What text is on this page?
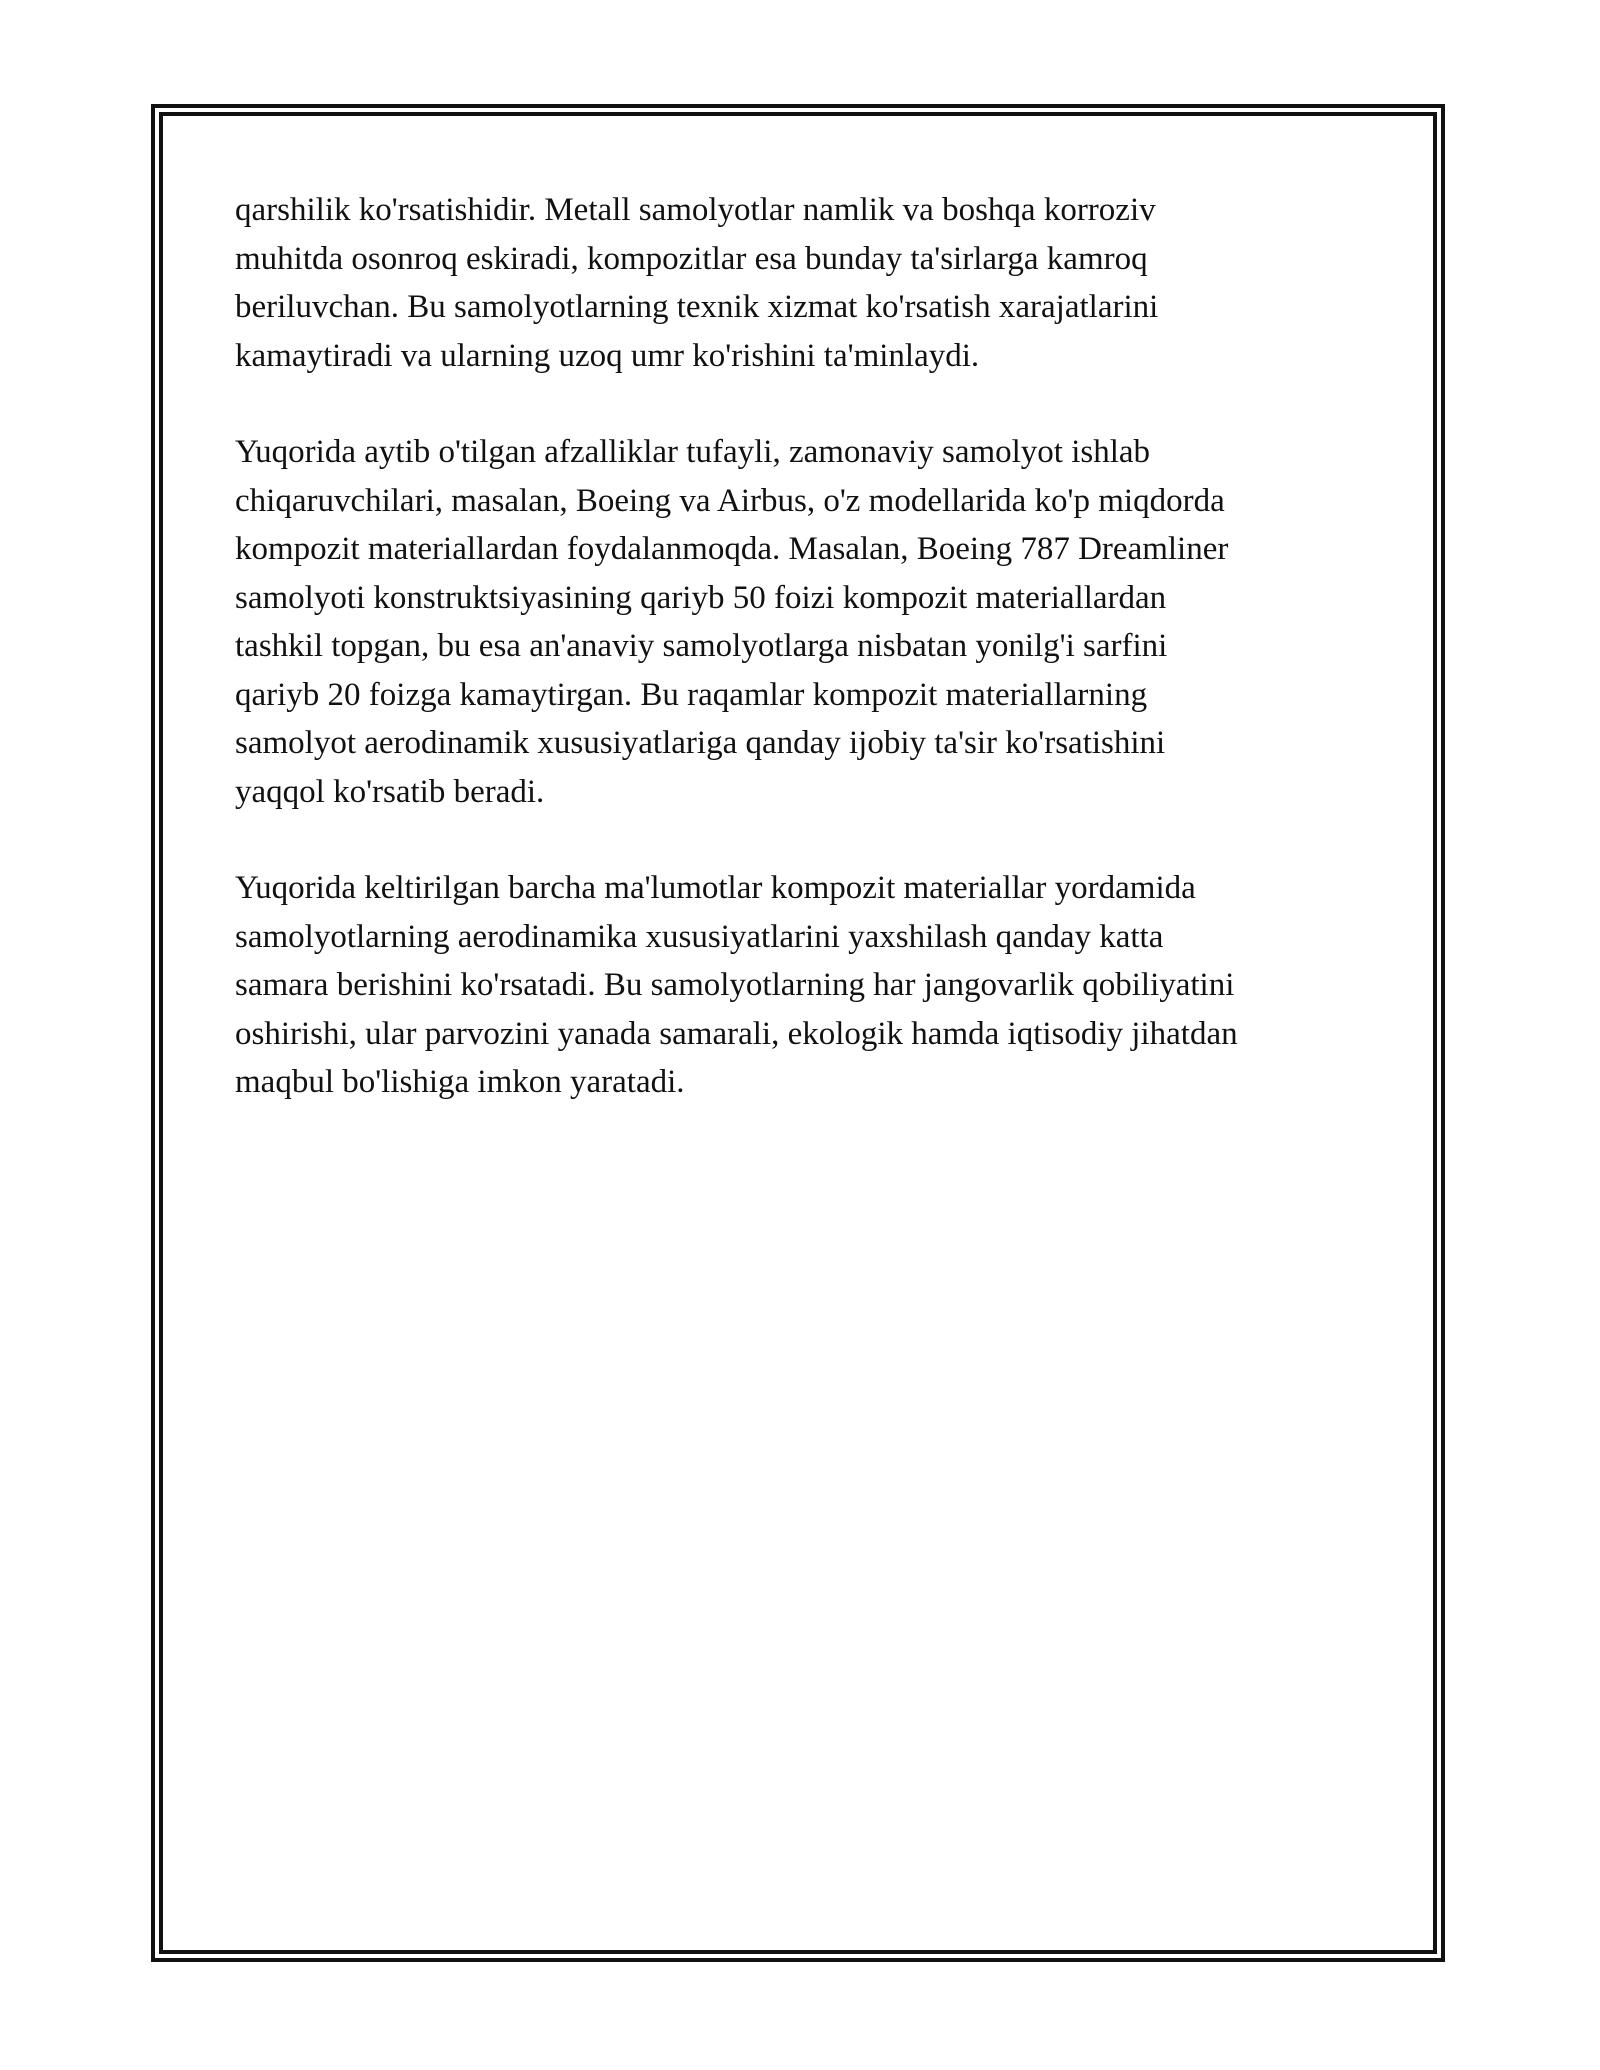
qarshilik ko'rsatishidir. Metall samolyotlar namlik va boshqa korroziv
muhitda osonroq eskiradi, kompozitlar esa bunday ta'sirlarga kamroq
beriluvchan. Bu samolyotlarning texnik xizmat ko'rsatish xarajatlarini
kamaytiradi va ularning uzoq umr ko'rishini ta'minlaydi.

Yuqorida aytib o'tilgan afzalliklar tufayli, zamonaviy samolyot ishlab
chiqaruvchilari, masalan, Boeing va Airbus, o'z modellarida ko'p miqdorda
kompozit materiallardan foydalanmoqda. Masalan, Boeing 787 Dreamliner
samolyoti konstruktsiyasining qariyb 50 foizi kompozit materiallardan
tashkil topgan, bu esa an'anaviy samolyotlarga nisbatan yonilg'i sarfini
qariyb 20 foizga kamaytirgan. Bu raqamlar kompozit materiallarning
samolyot aerodinamik xususiyatlariga qanday ijobiy ta'sir ko'rsatishini
yaqqol ko'rsatib beradi.

Yuqorida keltirilgan barcha ma'lumotlar kompozit materiallar yordamida
samolyotlarning aerodinamika xususiyatlarini yaxshilash qanday katta
samara berishini ko'rsatadi. Bu samolyotlarning har jangovarlik qobiliyatini
oshirishi, ular parvozini yanada samarali, ekologik hamda iqtisodiy jihatdan
maqbul bo'lishiga imkon yaratadi.
